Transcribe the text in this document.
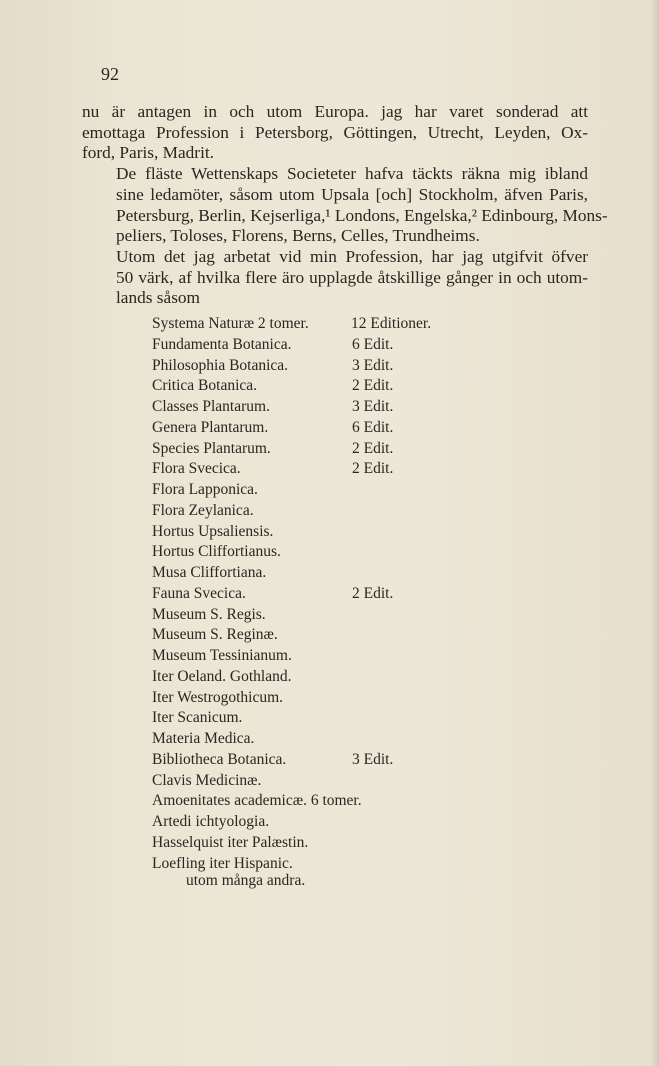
92

nu är antagen in och utom Europa. jag har varet sonderad att
emottaga Profession i Petersborg, Göttingen, Utrecht, Leyden, Ox-
ford, Paris, Madrit.

De fläste Wettenskaps Societeter hafva täckts räkna mig ibland
sine ledamöter, såsom utom Upsala [och] Stockholm, äfven Paris,
Petersburg, Berlin, Kejserliga,¹ Londons, Engelska,² Edinbourg, Mons-
peliers, Toloses, Florens, Berns, Celles, Trundheims.

Utom det jag arbetat vid min Profession, har jag utgifvit öfver
50 värk, af hvilka flere äro upplagde åtskillige gånger in och utom-
lands såsom

Systema Naturæ 2 tomer.	12 Editioner.
Fundamenta Botanica.	6 Edit.
Philosophia Botanica.	3 Edit.
Critica Botanica.	2 Edit.
Classes Plantarum.	3 Edit.
Genera Plantarum.	6 Edit.
Species Plantarum.	2 Edit.
Flora Svecica.	2 Edit.
Flora Lapponica.
Flora Zeylanica.
Hortus Upsaliensis.
Hortus Cliffortianus.
Musa Cliffortiana.
Fauna Svecica.	2 Edit.
Museum S. Regis.
Museum S. Reginæ.
Museum Tessinianum.
Iter Oeland. Gothland.
Iter Westrogothicum.
Iter Scanicum.
Materia Medica.
Bibliotheca Botanica.	3 Edit.
Clavis Medicinæ.
Amoenitates academicæ. 6 tomer.
Artedi ichtyologia.
Hasselquist iter Palæstin.
Loefling iter Hispanic.
utom många andra.
